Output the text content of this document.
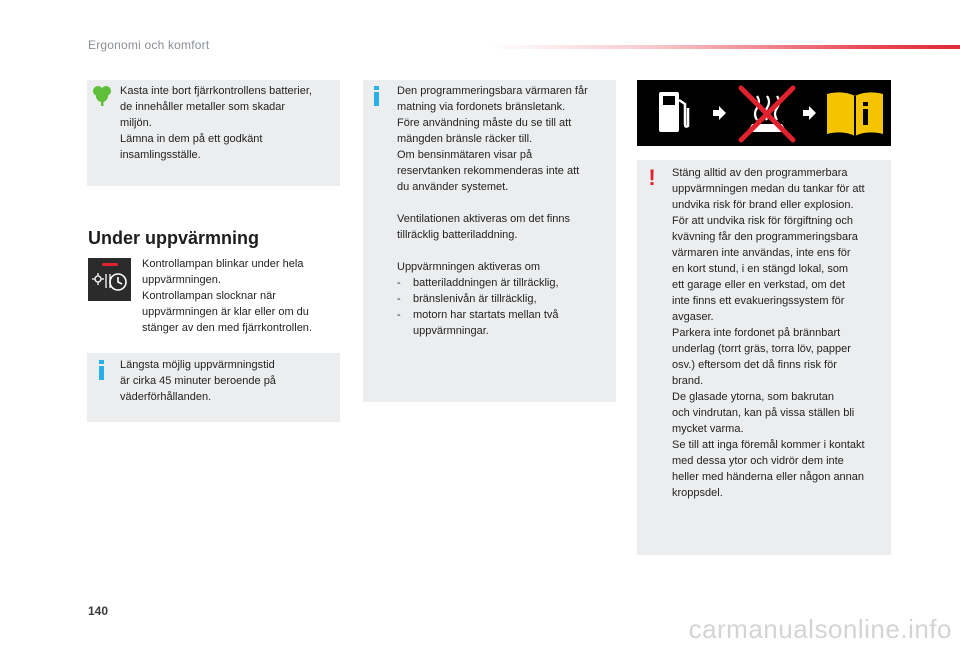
Ergonomi och komfort

Kasta inte bort fjärrkontrollens batterier,

de innehåller metaller som skadar

miljön.

Lämna in dem på ett godkänt

insamlingsställe.

Under uppvärmning

Kontrollampan blinkar under hela

uppvärmningen.

Kontrollampan slocknar när

uppvärmningen är klar eller om du

stänger av den med fjärrkontrollen.

Längsta möjlig uppvärmningstid

är cirka 45 minuter beroende på

väderförhållanden.

Den programmeringsbara värmaren får

matning via fordonets bränsletank.

Före användning måste du se till att

mängden bränsle räcker till.

Om bensinmätaren visar på

reservtanken rekommenderas inte att

du använder systemet.

Ventilationen aktiveras om det finns

tillräcklig batteriladdning.

Uppvärmningen aktiveras om

-	batteriladdningen är tillräcklig,
-	bränslenivån är tillräcklig,
-	motorn har startats mellan två
uppvärmningar.
!	Stäng alltid av den programmerbara

uppvärmningen medan du tankar för att

undvika risk för brand eller explosion.

För att undvika risk för förgiftning och

kvävning får den programmeringsbara

värmaren inte användas, inte ens för

en kort stund, i en stängd lokal, som

ett garage eller en verkstad, om det

inte finns ett evakueringssystem för

avgaser.

Parkera inte fordonet på brännbart

underlag (torrt gräs, torra löv, papper

osv.) eftersom det då finns risk för

brand.

De glasade ytorna, som bakrutan

och vindrutan, kan på vissa ställen bli

mycket varma.

Se till att inga föremål kommer i kontakt

med dessa ytor och vidrör dem inte

heller med händerna eller någon annan

kroppsdel.

140
carmanualsonline.info
